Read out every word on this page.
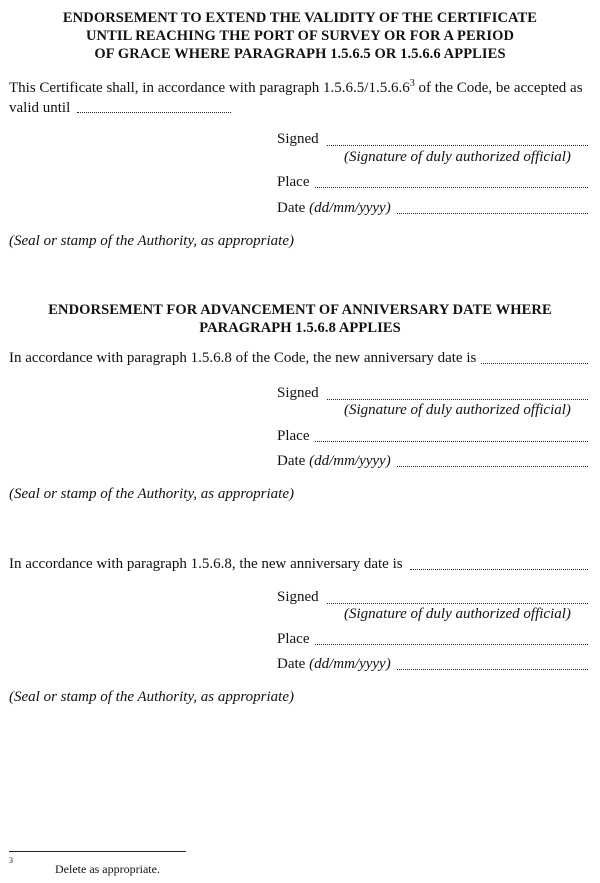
ENDORSEMENT TO EXTEND THE VALIDITY OF THE CERTIFICATE
UNTIL REACHING THE PORT OF SURVEY OR FOR A PERIOD
OF GRACE WHERE PARAGRAPH 1.5.6.5 OR 1.5.6.6 APPLIES
This Certificate shall, in accordance with paragraph 1.5.6.5/1.5.6.6$^3$ of the Code, be accepted as
valid until
Signed
(Signature of duly authorized official)
Place
Date (dd/mm/yyyy)
(Seal or stamp of the Authority, as appropriate)
ENDORSEMENT FOR ADVANCEMENT OF ANNIVERSARY DATE WHERE
PARAGRAPH 1.5.6.8 APPLIES
In accordance with paragraph 1.5.6.8 of the Code, the new anniversary date is
Signed
(Signature of duly authorized official)
Place
Date (dd/mm/yyyy)
(Seal or stamp of the Authority, as appropriate)
In accordance with paragraph 1.5.6.8, the new anniversary date is
Signed
(Signature of duly authorized official)
Place
Date (dd/mm/yyyy)
(Seal or stamp of the Authority, as appropriate)
3
Delete as appropriate.
